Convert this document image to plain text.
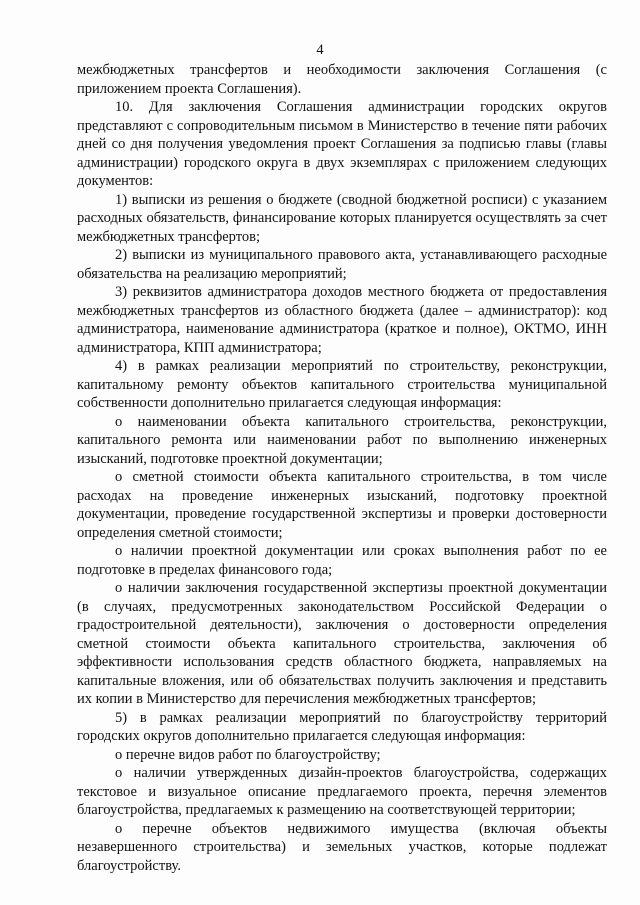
4

межбюджетных трансфертов и необходимости заключения Соглашения (с приложением проекта Соглашения).

10. Для заключения Соглашения администрации городских округов представляют с сопроводительным письмом в Министерство в течение пяти рабочих дней со дня получения уведомления проект Соглашения за подписью главы (главы администрации) городского округа в двух экземплярах с приложением следующих документов:

1) выписки из решения о бюджете (сводной бюджетной росписи) с указанием расходных обязательств, финансирование которых планируется осуществлять за счет межбюджетных трансфертов;

2) выписки из муниципального правового акта, устанавливающего расходные обязательства на реализацию мероприятий;

3) реквизитов администратора доходов местного бюджета от предоставления межбюджетных трансфертов из областного бюджета (далее – администратор): код администратора, наименование администратора (краткое и полное), ОКТМО, ИНН администратора, КПП администратора;

4) в рамках реализации мероприятий по строительству, реконструкции, капитальному ремонту объектов капитального строительства муниципальной собственности дополнительно прилагается следующая информация:

о наименовании объекта капитального строительства, реконструкции, капитального ремонта или наименовании работ по выполнению инженерных изысканий, подготовке проектной документации;

о сметной стоимости объекта капитального строительства, в том числе расходах на проведение инженерных изысканий, подготовку проектной документации, проведение государственной экспертизы и проверки достоверности определения сметной стоимости;

о наличии проектной документации или сроках выполнения работ по ее подготовке в пределах финансового года;

о наличии заключения государственной экспертизы проектной документации (в случаях, предусмотренных законодательством Российской Федерации о градостроительной деятельности), заключения о достоверности определения сметной стоимости объекта капитального строительства, заключения об эффективности использования средств областного бюджета, направляемых на капитальные вложения, или об обязательствах получить заключения и представить их копии в Министерство для перечисления межбюджетных трансфертов;

5) в рамках реализации мероприятий по благоустройству территорий городских округов дополнительно прилагается следующая информация:

о перечне видов работ по благоустройству;

о наличии утвержденных дизайн-проектов благоустройства, содержащих текстовое и визуальное описание предлагаемого проекта, перечня элементов благоустройства, предлагаемых к размещению на соответствующей территории;

о перечне объектов недвижимого имущества (включая объекты незавершенного строительства) и земельных участков, которые подлежат благоустройству.
